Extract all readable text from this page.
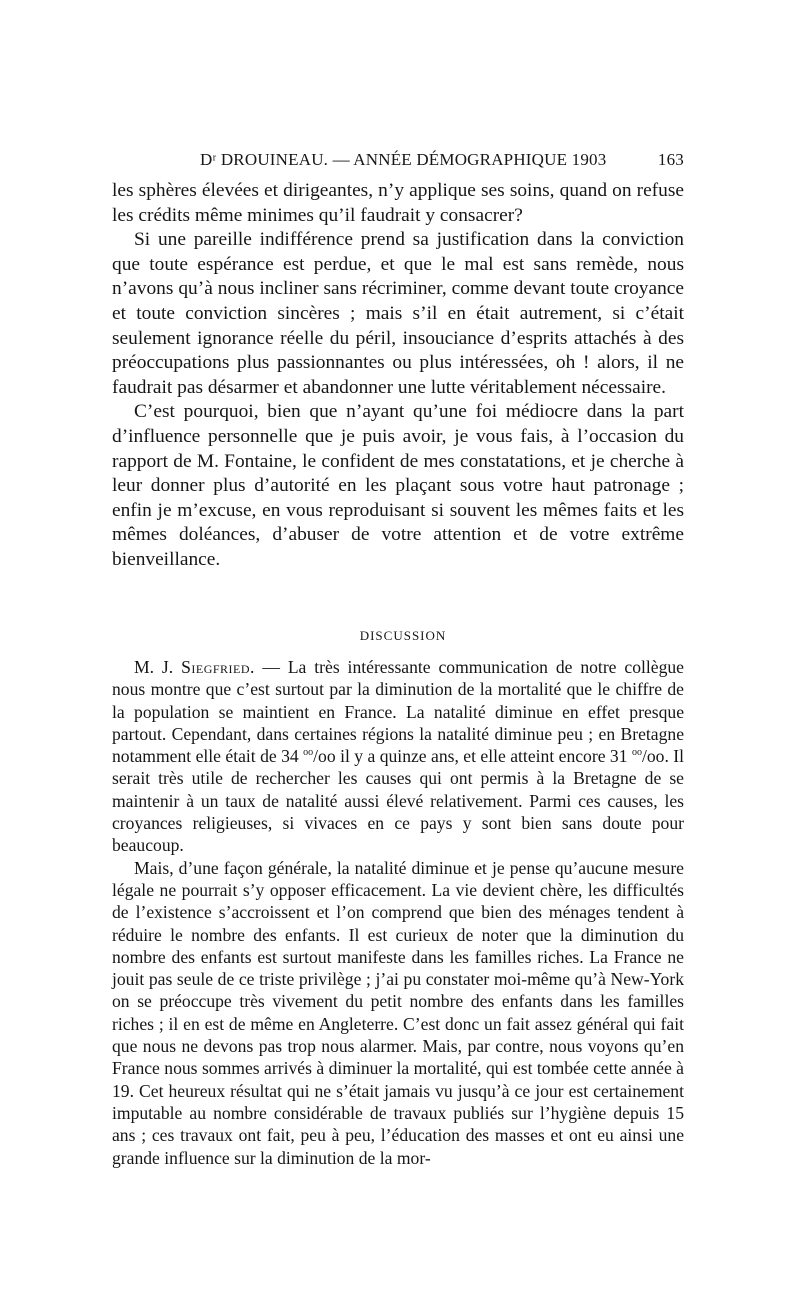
Dʳ DROUINEAU. — ANNÉE DÉMOGRAPHIQUE 1903	163

les sphères élevées et dirigeantes, n’y applique ses soins, quand on refuse les crédits même minimes qu’il faudrait y consacrer?

Si une pareille indifférence prend sa justification dans la conviction que toute espérance est perdue, et que le mal est sans remède, nous n’avons qu’à nous incliner sans récriminer, comme devant toute croyance et toute conviction sincères ; mais s’il en était autrement, si c’était seulement ignorance réelle du péril, insouciance d’esprits attachés à des préoccupations plus passionnantes ou plus intéressées, oh ! alors, il ne faudrait pas désarmer et abandonner une lutte véritablement nécessaire.

C’est pourquoi, bien que n’ayant qu’une foi médiocre dans la part d’influence personnelle que je puis avoir, je vous fais, à l’occasion du rapport de M. Fontaine, le confident de mes constatations, et je cherche à leur donner plus d’autorité en les plaçant sous votre haut patronage ; enfin je m’excuse, en vous reproduisant si souvent les mêmes faits et les mêmes doléances, d’abuser de votre attention et de votre extrême bienveillance.

DISCUSSION

M. J. Siegfried. — La très intéressante communication de notre collègue nous montre que c’est surtout par la diminution de la mortalité que le chiffre de la population se maintient en France. La natalité diminue en effet presque partout. Cependant, dans certaines régions la natalité diminue peu ; en Bretagne notamment elle était de 34 $^{oo}$/oo il y a quinze ans, et elle atteint encore 31 $^{oo}$/oo. Il serait très utile de rechercher les causes qui ont permis à la Bretagne de se maintenir à un taux de natalité aussi élevé relativement. Parmi ces causes, les croyances religieuses, si vivaces en ce pays y sont bien sans doute pour beaucoup.

Mais, d’une façon générale, la natalité diminue et je pense qu’aucune mesure légale ne pourrait s’y opposer efficacement. La vie devient chère, les difficultés de l’existence s’accroissent et l’on comprend que bien des ménages tendent à réduire le nombre des enfants. Il est curieux de noter que la diminution du nombre des enfants est surtout manifeste dans les familles riches. La France ne jouit pas seule de ce triste privilège ; j’ai pu constater moi-même qu’à New-York on se préoccupe très vivement du petit nombre des enfants dans les familles riches ; il en est de même en Angleterre. C’est donc un fait assez général qui fait que nous ne devons pas trop nous alarmer. Mais, par contre, nous voyons qu’en France nous sommes arrivés à diminuer la mortalité, qui est tombée cette année à 19. Cet heureux résultat qui ne s’était jamais vu jusqu’à ce jour est certainement imputable au nombre considérable de travaux publiés sur l’hygiène depuis 15 ans ; ces travaux ont fait, peu à peu, l’éducation des masses et ont eu ainsi une grande influence sur la diminution de la mor-
